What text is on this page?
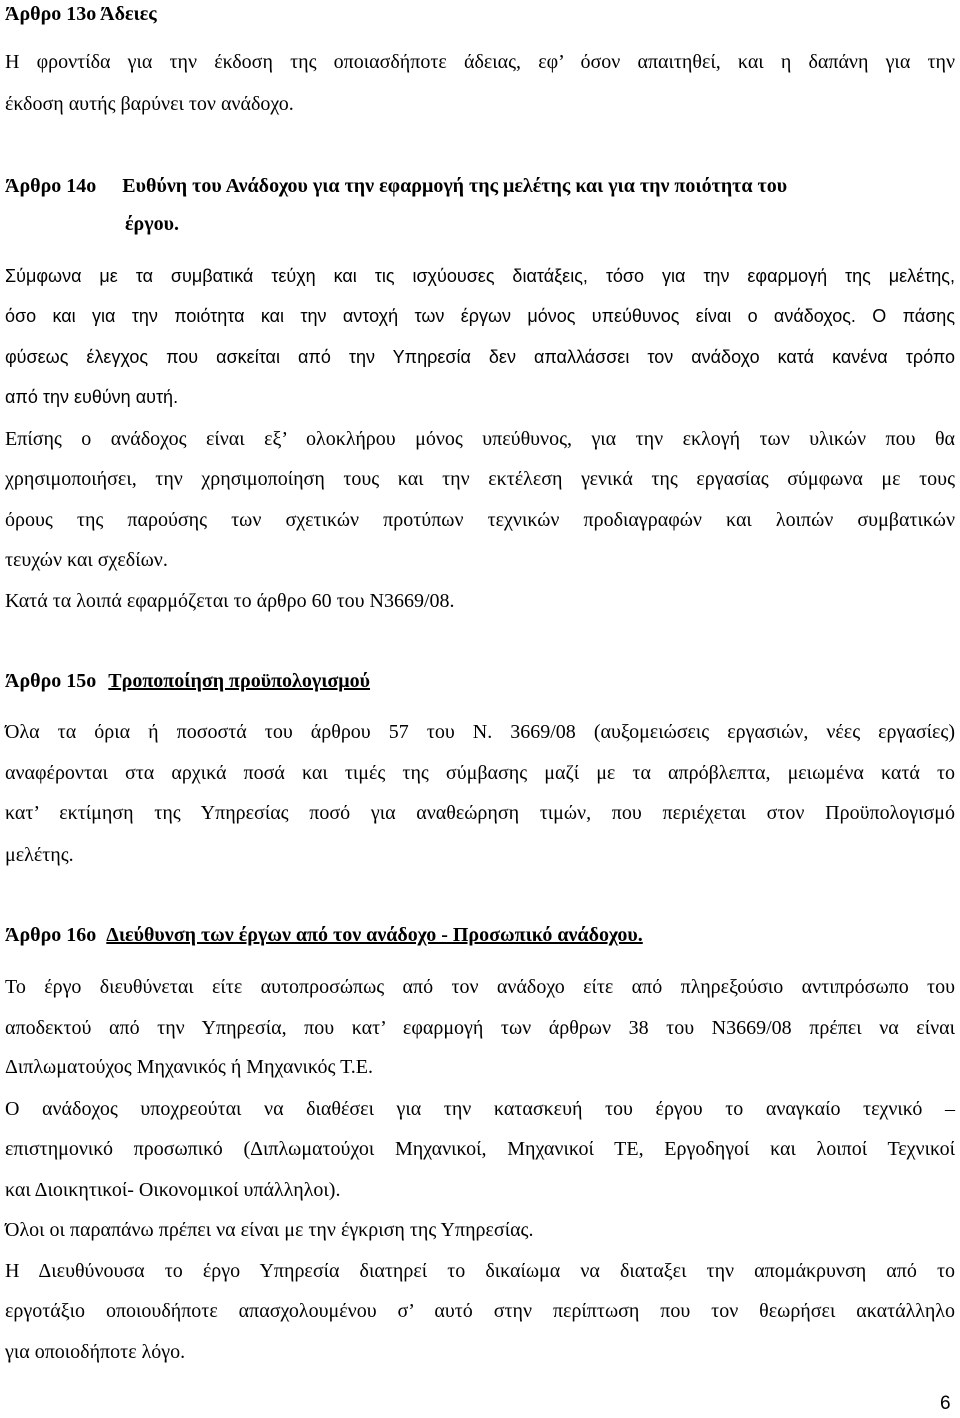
Άρθρο 13ο Άδειες

Η φροντίδα για την έκδοση της οποιασδήποτε άδειας, εφ’ όσον απαιτηθεί, και η δαπάνη για την

έκδοση αυτής βαρύνει τον ανάδοχο.

Άρθρο 14ο Ευθύνη του Ανάδοχου για την εφαρμογή της μελέτης και για την ποιότητα του

έργου.

Σύμφωνα με τα συμβατικά τεύχη και τις ισχύουσες διατάξεις, τόσο για την εφαρμογή της μελέτης,

όσο και για την ποιότητα και την αντοχή των έργων μόνος υπεύθυνος είναι ο ανάδοχος. Ο πάσης

φύσεως έλεγχος που ασκείται από την Υπηρεσία δεν απαλλάσσει τον ανάδοχο κατά κανένα τρόπο

από την ευθύνη αυτή.

Επίσης ο ανάδοχος είναι εξ’ ολοκλήρου μόνος υπεύθυνος, για την εκλογή των υλικών που θα

χρησιμοποιήσει, την χρησιμοποίηση τους και την εκτέλεση γενικά της εργασίας σύμφωνα με τους

όρους της παρούσης των σχετικών προτύπων τεχνικών προδιαγραφών και λοιπών συμβατικών

τευχών και σχεδίων.

Κατά τα λοιπά εφαρμόζεται το άρθρο 60 του Ν3669/08.

Άρθρο 15ο Τροποποίηση προϋπολογισμού

Όλα τα όρια ή ποσοστά του άρθρου 57 του Ν. 3669/08 (αυξομειώσεις εργασιών, νέες εργασίες)

αναφέρονται στα αρχικά ποσά και τιμές της σύμβασης μαζί με τα απρόβλεπτα, μειωμένα κατά το

κατ’ εκτίμηση της Υπηρεσίας ποσό για αναθεώρηση τιμών, που περιέχεται στον Προϋπολογισμό

μελέτης.

Άρθρο 16ο Διεύθυνση των έργων από τον ανάδοχο - Προσωπικό ανάδοχου.

Το έργο διευθύνεται είτε αυτοπροσώπως από τον ανάδοχο είτε από πληρεξούσιο αντιπρόσωπο του

αποδεκτού από την Υπηρεσία, που κατ’ εφαρμογή των άρθρων 38 του Ν3669/08 πρέπει να είναι

Διπλωματούχος Μηχανικός ή Μηχανικός Τ.Ε.

Ο ανάδοχος υποχρεούται να διαθέσει για την κατασκευή του έργου το αναγκαίο τεχνικό –

επιστημονικό προσωπικό (Διπλωματούχοι Μηχανικοί, Μηχανικοί ΤΕ, Εργοδηγοί και λοιποί Τεχνικοί

και Διοικητικοί- Οικονομικοί υπάλληλοι).

Όλοι οι παραπάνω πρέπει να είναι με την έγκριση της Υπηρεσίας.

Η Διευθύνουσα το έργο Υπηρεσία διατηρεί το δικαίωμα να διαταξει την απομάκρυνση από το

εργοτάξιο οποιουδήποτε απασχολουμένου σ’ αυτό στην περίπτωση που τον θεωρήσει ακατάλληλο

για οποιοδήποτε λόγο.

6
